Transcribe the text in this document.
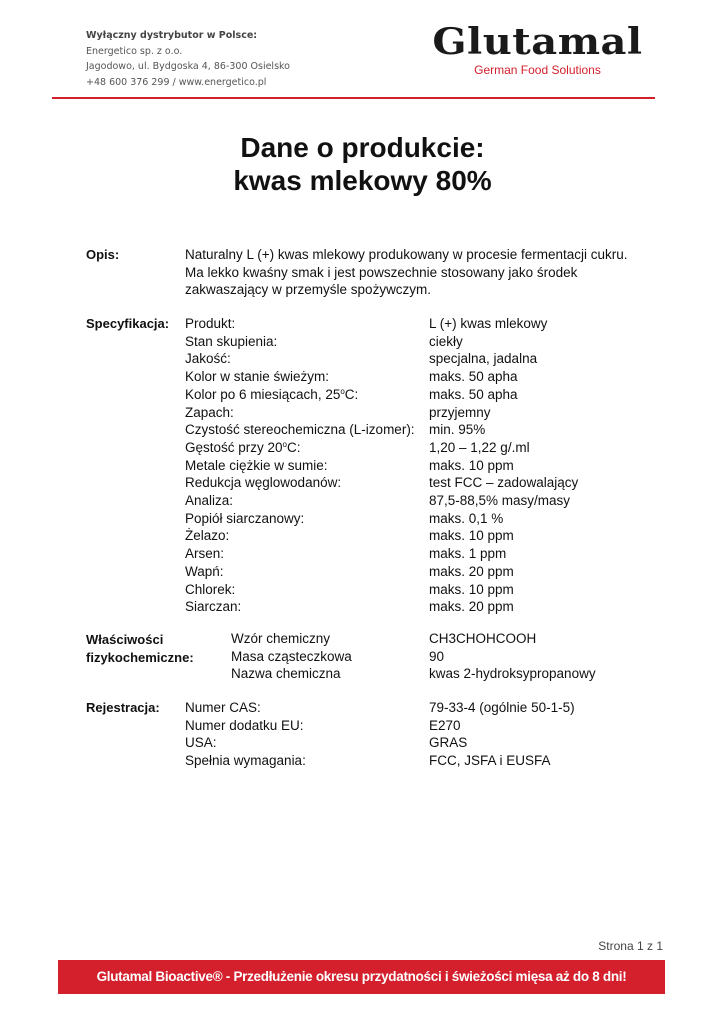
Wyłączny dystrybutor w Polsce:
Energetico sp. z o.o.
Jagodowo, ul. Bydgoska 4, 86-300 Osielsko
+48 600 376 299 / www.energetico.pl
Glutamal
German Food Solutions
Dane o produkcie:
kwas mlekowy 80%
Opis:	Naturalny L (+) kwas mlekowy produkowany w procesie fermentacji cukru.
Ma lekko kwaśny smak i jest powszechnie stosowany jako środek
zakwaszający w przemyśle spożywczym.
Specyfikacja: Produkt:
Stan skupienia:
Jakość:
Kolor w stanie świeżym:
Kolor po 6 miesiącach, 25$^o$C:
Zapach:
Czystość stereochemiczna (L-izomer):
Gęstość przy 20$^o$C:
Metale ciężkie w sumie:
Redukcja węglowodanów:
Analiza:
Popiół siarczanowy:
Żelazo:
Arsen:
Wapń:
Chlorek:
Siarczan:
L (+) kwas mlekowy
ciekły
specjalna, jadalna
maks. 50 apha
maks. 50 apha
przyjemny
min. 95%
1,20 – 1,22 g/.ml
maks. 10 ppm
test FCC – zadowalający
87,5-88,5% masy/masy
maks. 0,1 %
maks. 10 ppm
maks. 1 ppm
maks. 20 ppm
maks. 10 ppm
maks. 20 ppm
Właściwości
fizykochemiczne:
Wzór chemiczny
Masa cząsteczkowa
Nazwa chemiczna
CH3CHOHCOOH
90
kwas 2-hydroksypropanowy
Rejestracja: Numer CAS:
Numer dodatku EU:
USA:
Spełnia wymagania:
79-33-4 (ogólnie 50-1-5)
E270
GRAS
FCC, JSFA i EUSFA
Strona 1 z 1
Glutamal Bioactive® - Przedłużenie okresu przydatności i świeżości mięsa aż do 8 dni!
